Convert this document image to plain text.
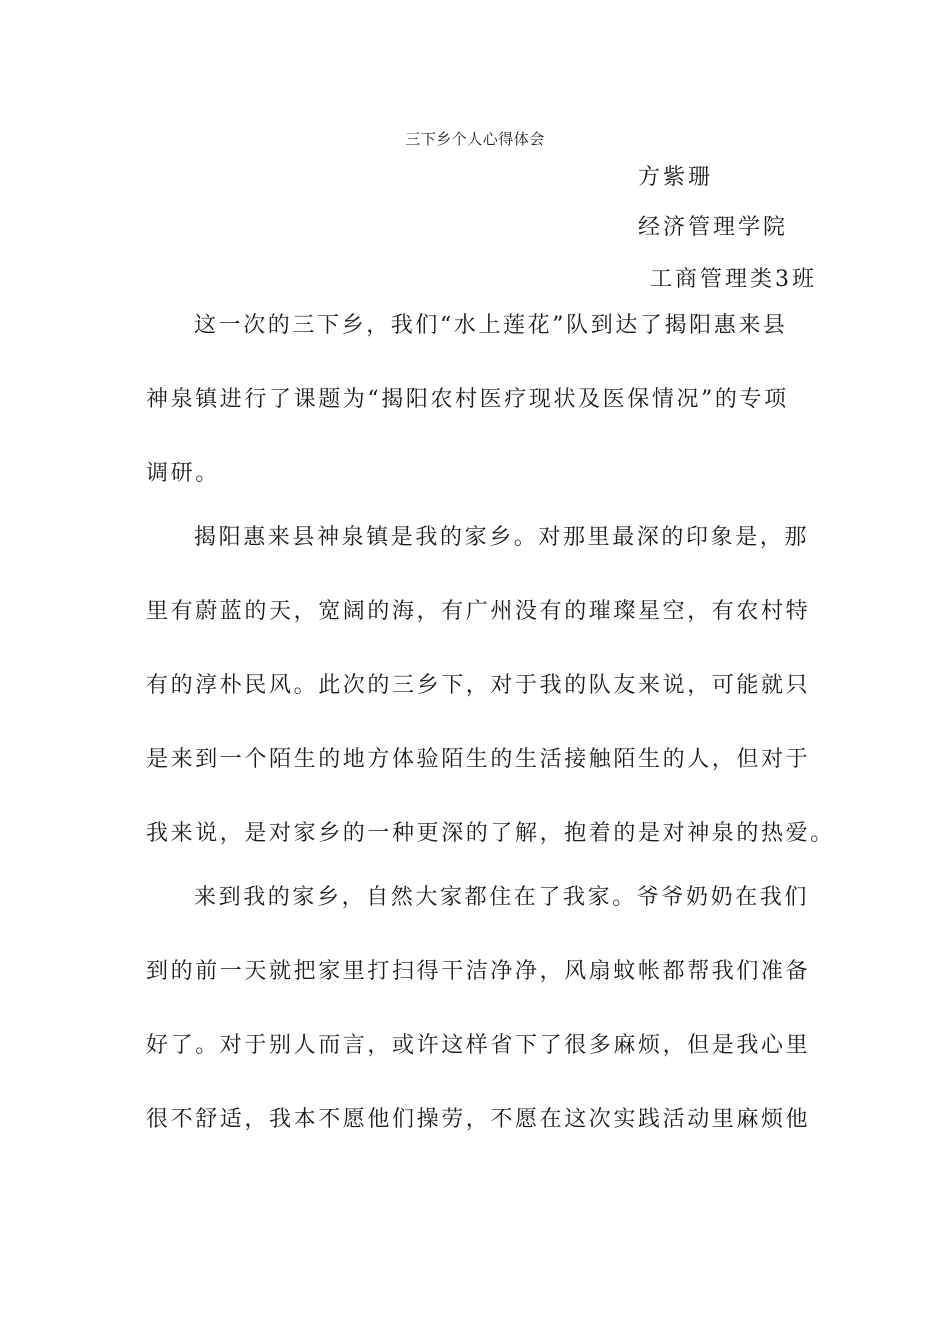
三下乡个人心得体会
方紫珊
经济管理学院
工商管理类3班
这一次的三下乡，我们“水上莲花”队到达了揭阳惠来县
神泉镇进行了课题为“揭阳农村医疗现状及医保情况”的专项
调研。
揭阳惠来县神泉镇是我的家乡。对那里最深的印象是，那
里有蔚蓝的天，宽阔的海，有广州没有的璀璨星空，有农村特
有的淳朴民风。此次的三乡下，对于我的队友来说，可能就只
是来到一个陌生的地方体验陌生的生活接触陌生的人，但对于
我来说，是对家乡的一种更深的了解，抱着的是对神泉的热爱。
来到我的家乡，自然大家都住在了我家。爷爷奶奶在我们
到的前一天就把家里打扫得干洁净净，风扇蚊帐都帮我们准备
好了。对于别人而言，或许这样省下了很多麻烦，但是我心里
很不舒适，我本不愿他们操劳，不愿在这次实践活动里麻烦他
